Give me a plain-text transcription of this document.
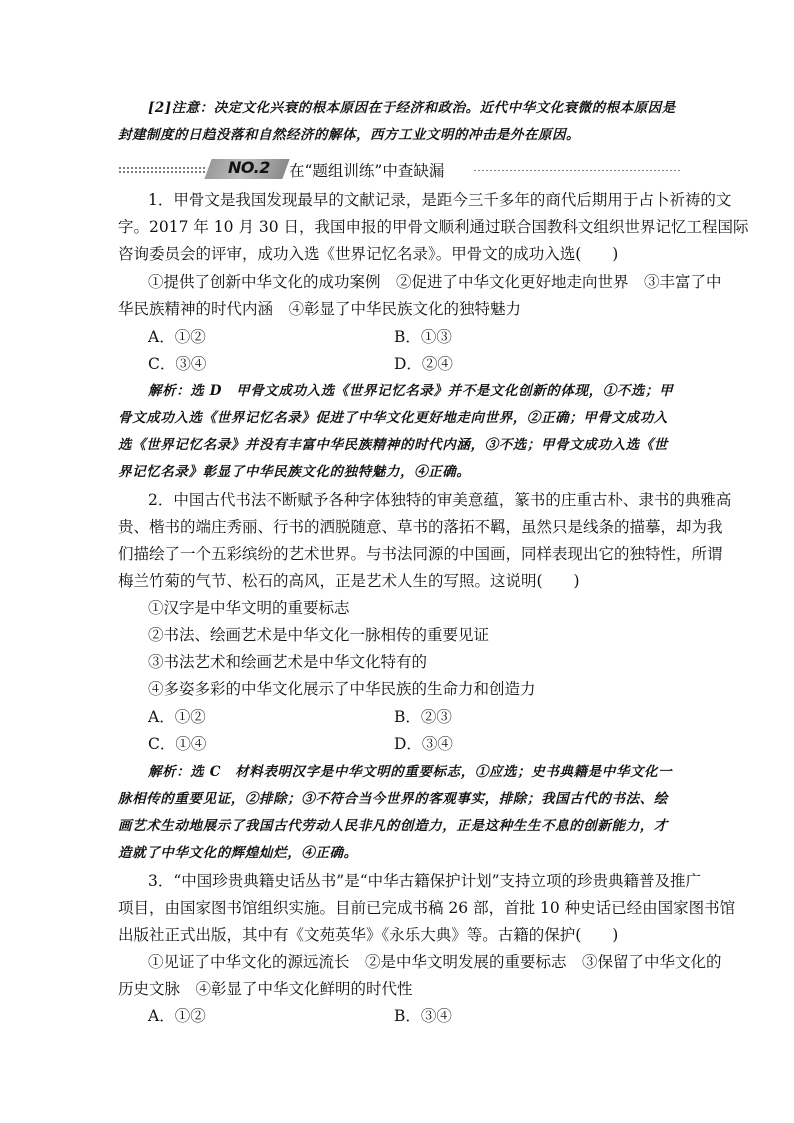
[2]注意：决定文化兴衰的根本原因在于经济和政治。近代中华文化衰微的根本原因是
封建制度的日趋没落和自然经济的解体，西方工业文明的冲击是外在原因。
NO.2 在“题组训练”中查缺漏
1．甲骨文是我国发现最早的文献记录，是距今三千多年的商代后期用于占卜祈祷的文
字。2017 年 10 月 30 日，我国申报的甲骨文顺利通过联合国教科文组织世界记忆工程国际
咨询委员会的评审，成功入选《世界记忆名录》。甲骨文的成功入选(　　)
①提供了创新中华文化的成功案例　②促进了中华文化更好地走向世界　③丰富了中
华民族精神的时代内涵　④彰显了中华民族文化的独特魅力
A．①②	B．①③
C．③④	D．②④
解析：选 D　甲骨文成功入选《世界记忆名录》并不是文化创新的体现，①不选；甲
骨文成功入选《世界记忆名录》促进了中华文化更好地走向世界，②正确；甲骨文成功入
选《世界记忆名录》并没有丰富中华民族精神的时代内涵，③不选；甲骨文成功入选《世
界记忆名录》彰显了中华民族文化的独特魅力，④正确。
2．中国古代书法不断赋予各种字体独特的审美意蕴，篆书的庄重古朴、隶书的典雅高
贵、楷书的端庄秀丽、行书的洒脱随意、草书的落拓不羁，虽然只是线条的描摹，却为我
们描绘了一个五彩缤纷的艺术世界。与书法同源的中国画，同样表现出它的独特性，所谓
梅兰竹菊的气节、松石的高风，正是艺术人生的写照。这说明(　　)
①汉字是中华文明的重要标志
②书法、绘画艺术是中华文化一脉相传的重要见证
③书法艺术和绘画艺术是中华文化特有的
④多姿多彩的中华文化展示了中华民族的生命力和创造力
A．①②	B．②③
C．①④	D．③④
解析：选 C　材料表明汉字是中华文明的重要标志，①应选；史书典籍是中华文化一
脉相传的重要见证，②排除；③不符合当今世界的客观事实，排除；我国古代的书法、绘
画艺术生动地展示了我国古代劳动人民非凡的创造力，正是这种生生不息的创新能力，才
造就了中华文化的辉煌灿烂，④正确。
3．“中国珍贵典籍史话丛书”是“中华古籍保护计划”支持立项的珍贵典籍普及推广
项目，由国家图书馆组织实施。目前已完成书稿 26 部，首批 10 种史话已经由国家图书馆
出版社正式出版，其中有《文苑英华》《永乐大典》等。古籍的保护(　　)
①见证了中华文化的源远流长　②是中华文明发展的重要标志　③保留了中华文化的
历史文脉　④彰显了中华文化鲜明的时代性
A．①②	B．③④
